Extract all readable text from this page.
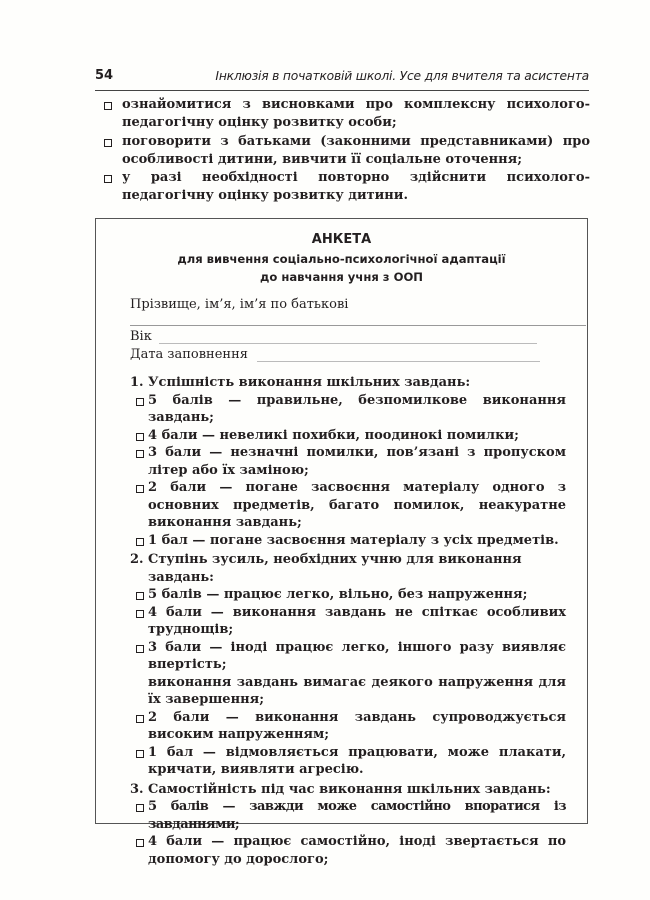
54	Інклюзія в початковій школі. Усе для вчителя та асистента
ознайомитися з висновками про комплексну психолого-педагогічну оцінку розвитку особи;
поговорити з батьками (законними представниками) про особливості дитини, вивчити її соціальне оточення;
у разі необхідності повторно здійснити психолого-педагогічну оцінку розвитку дитини.
АНКЕТА
для вивчення соціально-психологічної адаптації
до навчання учня з ООП
Прізвище, ім’я, ім’я по батькові
Вік
Дата заповнення
1. Успішність виконання шкільних завдань:
5 балів — правильне, безпомилкове виконання завдань;
4 бали — невеликі похибки, поодинокі помилки;
3 бали — незначні помилки, пов’язані з пропуском літер або їх заміною;
2 бали — погане засвоєння матеріалу одного з основних предметів, багато помилок, неакуратне виконання завдань;
1 бал — погане засвоєння матеріалу з усіх предметів.
2. Ступінь зусиль, необхідних учню для виконання завдань:
5 балів — працює легко, вільно, без напруження;
4 бали — виконання завдань не спіткає особливих труднощів;
3 бали — іноді працює легко, іншого разу виявляє впертість;
виконання завдань вимагає деякого напруження для їх завершення;
2 бали — виконання завдань супроводжується високим напруженням;
1 бал — відмовляється працювати, може плакати, кричати, виявляти агресію.
3. Самостійність під час виконання шкільних завдань:
5 балів — завжди може самостійно впоратися із завданнями;
4 бали — працює самостійно, іноді звертається по допомогу до дорослого;
